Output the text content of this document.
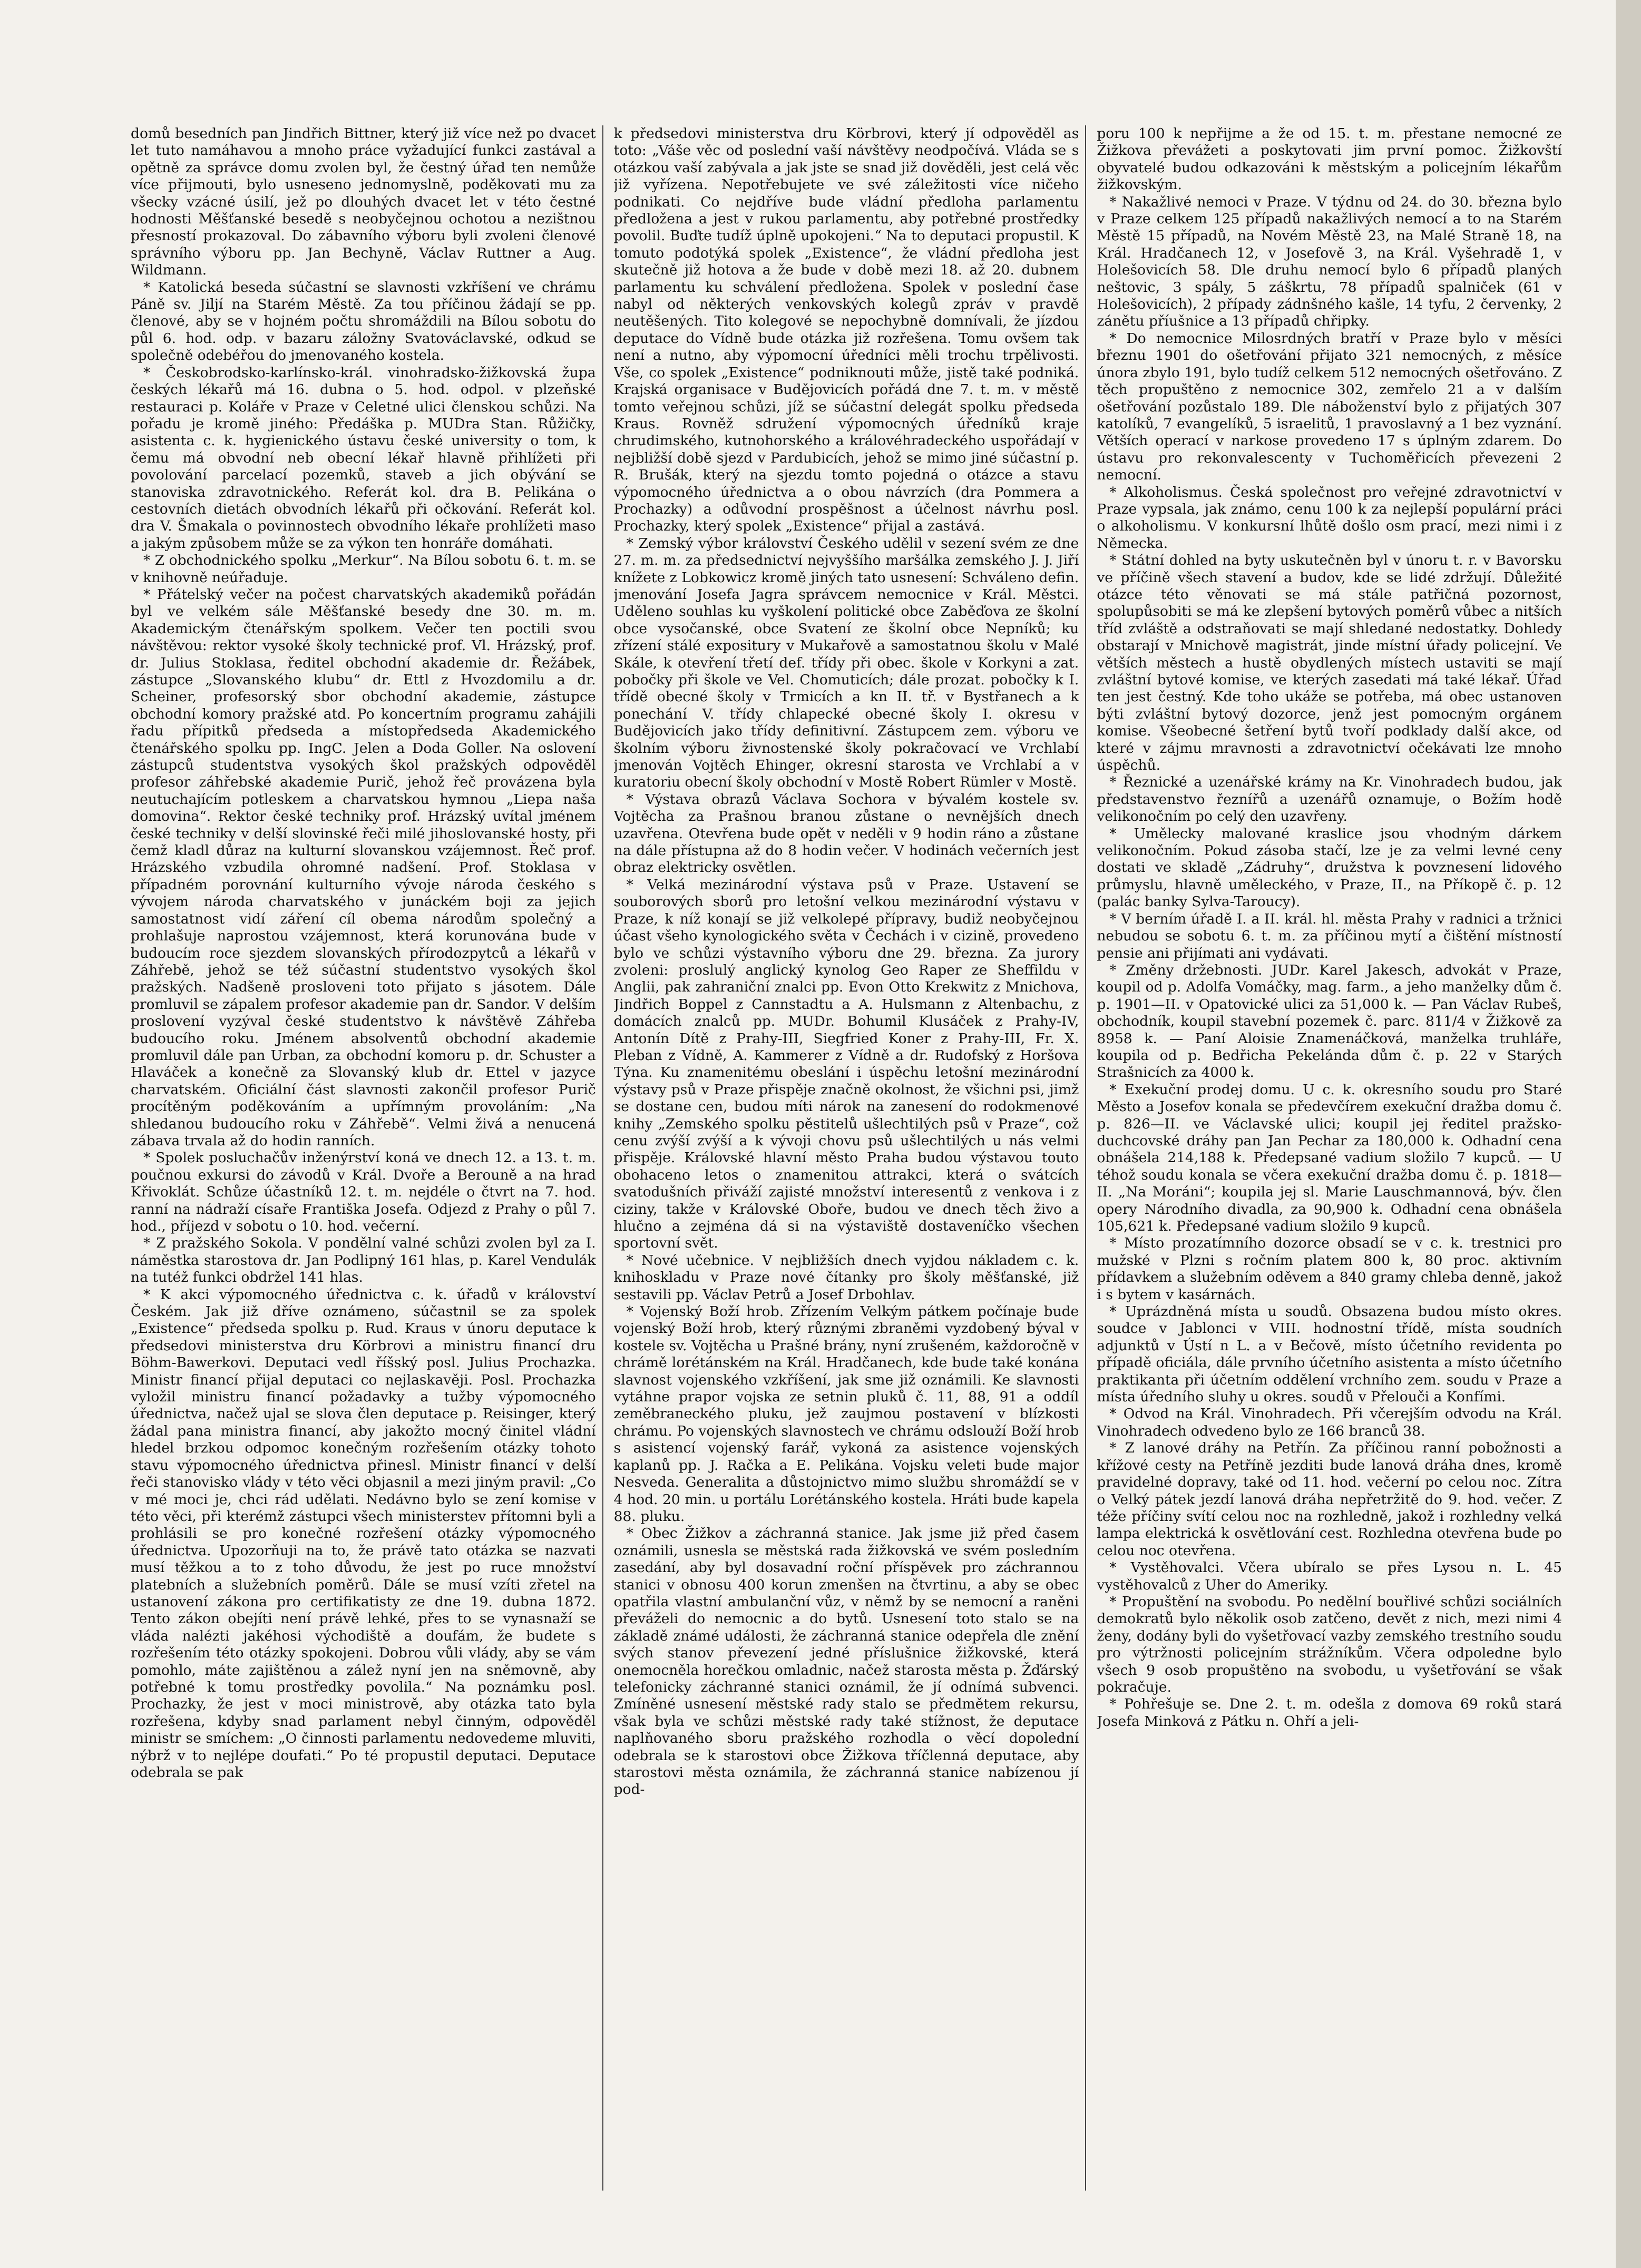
domů besedních pan Jindřich Bittner, který již více než po dvacet let tuto namáhavou a mnoho práce vyžadující funkci zastával a opětně za správce domu zvolen byl, že čestný úřad ten nemůže více přijmouti, bylo usneseno jednomyslně, poděkovati mu za všecky vzácné úsilí, jež po dlouhých dvacet let v této čestné hodnosti Měšťanské besedě s neobyčejnou ochotou a nezištnou přesností prokazoval. Do zábavního výboru byli zvoleni členové správního výboru pp. Jan Bechyně, Václav Ruttner a Aug. Wildmann.

* Katolická beseda súčastní se slavnosti vzkříšení ve chrámu Páně sv. Jiljí na Starém Městě. Za tou příčinou žádají se pp. členové, aby se v hojném počtu shromáždili na Bílou sobotu do půl 6. hod. odp. v bazaru záložny Svatováclavské, odkud se společně odebéřou do jmenovaného kostela.

* Českobrodsko-karlínsko-král. vinohradsko-žižkovská župa českých lékařů má 16. dubna o 5. hod. odpol. v plzeňské restauraci p. Koláře v Praze v Celetné ulici členskou schůzi. Na pořadu je kromě jiného: Předáška p. MUDra Stan. Růžičky, asistenta c. k. hygienického ústavu české university o tom, k čemu má obvodní neb obecní lékař hlavně přihlížeti při povolování parcelací pozemků, staveb a jich obývání se stanoviska zdravotnického. Referát kol. dra B. Pelikána o cestovních dietách obvodních lékařů při očkování. Referát kol. dra V. Šmakala o povinnostech obvodního lékaře prohlížeti maso a jakým způsobem může se za výkon ten honráře domáhati.

* Z obchodnického spolku „Merkur“. Na Bílou sobotu 6. t. m. se v knihovně neúřaduje.

* Přátelský večer na počest charvatských akademiků pořádán byl ve velkém sále Měšťanské besedy dne 30. m. m. Akademickým čtenářským spolkem. Večer ten poctili svou návštěvou: rektor vysoké školy technické prof. Vl. Hrázský, prof. dr. Julius Stoklasa, ředitel obchodní akademie dr. Řežábek, zástupce „Slovanského klubu“ dr. Ettl z Hvozdomilu a dr. Scheiner, profesorský sbor obchodní akademie, zástupce obchodní komory pražské atd. Po koncertním programu zahájili řadu přípitků předseda a místopředseda Akademického čtenářského spolku pp. IngC. Jelen a Doda Goller. Na oslovení zástupců studentstva vysokých škol pražských odpověděl profesor záhřebské akademie Purič, jehož řeč provázena byla neutuchajícím potleskem a charvatskou hymnou „Liepa naša domovina“. Rektor české techniky prof. Hrázský uvítal jménem české techniky v delší slovinské řeči milé jihoslovanské hosty, při čemž kladl důraz na kulturní slovanskou vzájemnost. Řeč prof. Hrázského vzbudila ohromné nadšení. Prof. Stoklasa v případném porovnání kulturního vývoje národa českého s vývojem národa charvatského v junáckém boji za jejich samostatnost vidí záření cíl obema národům společný a prohlašuje naprostou vzájemnost, která korunována bude v budoucím roce sjezdem slovanských přírodozpytců a lékařů v Záhřebě, jehož se též súčastní studentstvo vysokých škol pražských. Nadšeně prosloveni toto přijato s jásotem. Dále promluvil se zápalem profesor akademie pan dr. Sandor. V delším proslovení vyzýval české studentstvo k návštěvě Záhřeba budoucího roku. Jménem absolventů obchodní akademie promluvil dále pan Urban, za obchodní komoru p. dr. Schuster a Hlaváček a konečně za Slovanský klub dr. Ettel v jazyce charvatském. Oficiální část slavnosti zakončil profesor Purič procítěným poděkováním a upřímným provoláním: „Na shledanou budoucího roku v Záhřebě“. Velmi živá a nenucená zábava trvala až do hodin ranních.

* Spolek posluchačův inženýrství koná ve dnech 12. a 13. t. m. poučnou exkursi do závodů v Král. Dvoře a Berouně a na hrad Křivoklát. Schůze účastníků 12. t. m. nejdéle o čtvrt na 7. hod. ranní na nádraží císaře Františka Josefa. Odjezd z Prahy o půl 7. hod., příjezd v sobotu o 10. hod. večerní.

* Z pražského Sokola. V pondělní valné schůzi zvolen byl za I. náměstka starostova dr. Jan Podlipný 161 hlas, p. Karel Vendulák na tutéž funkci obdržel 141 hlas.

* K akci výpomocného úřednictva c. k. úřadů v království Českém. Jak již dříve oznámeno, súčastnil se za spolek „Existence“ předseda spolku p. Rud. Kraus v únoru deputace k předsedovi ministerstva dru Körbrovi a ministru financí dru Böhm-Bawerkovi. Deputaci vedl říšský posl. Julius Prochazka. Ministr financí přijal deputaci co nejlaskavěji. Posl. Prochazka vyložil ministru financí požadavky a tužby výpomocného úřednictva, načež ujal se slova člen deputace p. Reisinger, který žádal pana ministra financí, aby jakožto mocný činitel vládní hledel brzkou odpomoc konečným rozřešením otázky tohoto stavu výpomocného úřednictva přinesl. Ministr financí v delší řeči stanovisko vlády v této věci objasnil a mezi jiným pravil: „Co v mé moci je, chci rád udělati. Nedávno bylo se zení komise v této věci, při kterémž zástupci všech ministerstev přítomni byli a prohlásili se pro konečné rozřešení otázky výpomocného úřednictva. Upozorňuji na to, že právě tato otázka se nazvati musí těžkou a to z toho důvodu, že jest po ruce množství platebních a služebních poměrů. Dále se musí vzíti zřetel na ustanovení zákona pro certifikatisty ze dne 19. dubna 1872. Tento zákon obejíti není právě lehké, přes to se vynasnaží se vláda nalézti jakéhosi východiště a doufám, že budete s rozřešením této otázky spokojeni. Dobrou vůli vlády, aby se vám pomohlo, máte zajištěnou a zálež nyní jen na sněmovně, aby potřebné k tomu prostředky povolila.“ Na poznámku posl. Prochazky, že jest v moci ministrově, aby otázka tato byla rozřešena, kdyby snad parlament nebyl činným, odpověděl ministr se smíchem: „O činnosti parlamentu nedovedeme mluviti, nýbrž v to nejlépe doufati.“ Po té propustil deputaci. Deputace odebrala se pak

k předsedovi ministerstva dru Körbrovi, který jí odpověděl as toto: „Váše věc od poslední vaší návštěvy neodpočívá. Vláda se s otázkou vaší zabývala a jak jste se snad již dověděli, jest celá věc již vyřízena. Nepotřebujete ve své záležitosti více ničeho podnikati. Co nejdříve bude vládní předloha parlamentu předložena a jest v rukou parlamentu, aby potřebné prostředky povolil. Buďte tudíž úplně upokojeni.“ Na to deputaci propustil. K tomuto podotýká spolek „Existence“, že vládní předloha jest skutečně již hotova a že bude v době mezi 18. až 20. dubnem parlamentu ku schválení předložena. Spolek v poslední čase nabyl od některých venkovských kolegů zpráv v pravdě neutěšených. Tito kolegové se nepochybně domnívali, že jízdou deputace do Vídně bude otázka již rozřešena. Tomu ovšem tak není a nutno, aby výpomocní úředníci měli trochu trpělivosti. Vše, co spolek „Existence“ podniknouti může, jistě také podniká. Krajská organisace v Budějovicích pořádá dne 7. t. m. v městě tomto veřejnou schůzi, jíž se súčastní delegát spolku předseda Kraus. Rovněž sdružení výpomocných úředníků kraje chrudimského, kutnohorského a královéhradeckého uspořádají v nejbližší době sjezd v Pardubicích, jehož se mimo jiné súčastní p. R. Brušák, který na sjezdu tomto pojedná o otázce a stavu výpomocného úřednictva a o obou návrzích (dra Pommera a Prochazky) a odůvodní prospěšnost a účelnost návrhu posl. Prochazky, který spolek „Existence“ přijal a zastává.

* Zemský výbor království Českého udělil v sezení svém ze dne 27. m. m. za předsednictví nejvyššího maršálka zemského J. J. Jiří knížete z Lobkowicz kromě jiných tato usnesení: Schváleno defin. jmenování Josefa Jagra správcem nemocnice v Král. Městci. Uděleno souhlas ku vyškolení politické obce Zaběďova ze školní obce vysočanské, obce Svatení ze školní obce Nepníků; ku zřízení stálé expositury v Mukařově a samostatnou školu v Malé Skále, k otevření třetí def. třídy při obec. škole v Korkyni a zat. pobočky při škole ve Vel. Chomuticích; dále prozat. pobočky k I. třídě obecné školy v Trmicích a kn II. tř. v Bystřanech a k ponechání V. třídy chlapecké obecné školy I. okresu v Budějovicích jako třídy definitivní. Zástupcem zem. výboru ve školním výboru živnostenské školy pokračovací ve Vrchlabí jmenován Vojtěch Ehinger, okresní starosta ve Vrchlabí a v kuratoriu obecní školy obchodní v Mostě Robert Rümler v Mostě.

* Výstava obrazů Václava Sochora v bývalém kostele sv. Vojtěcha za Prašnou branou zůstane o nevnějších dnech uzavřena. Otevřena bude opět v neděli v 9 hodin ráno a zůstane na dále přístupna až do 8 hodin večer. V hodinách večerních jest obraz elektricky osvětlen.

* Velká mezinárodní výstava psů v Praze. Ustavení se souborových sborů pro letošní velkou mezinárodní výstavu v Praze, k níž konají se již velkolepé přípravy, budiž neobyčejnou účast všeho kynologického světa v Čechách i v cizině, provedeno bylo ve schůzi výstavního výboru dne 29. března. Za jurory zvoleni: proslulý anglický kynolog Geo Raper ze Sheffildu v Anglii, pak zahraniční znalci pp. Evon Otto Krekwitz z Mnichova, Jindřich Boppel z Cannstadtu a A. Hulsmann z Altenbachu, z domácích znalců pp. MUDr. Bohumil Klusáček z Prahy-IV, Antonín Dítě z Prahy-III, Siegfried Koner z Prahy-III, Fr. X. Pleban z Vídně, A. Kammerer z Vídně a dr. Rudofský z Horšova Týna. Ku znamenitému obeslání i úspěchu letošní mezinárodní výstavy psů v Praze přispěje značně okolnost, že všichni psi, jimž se dostane cen, budou míti nárok na zanesení do rodokmenové knihy „Zemského spolku pěstitelů ušlechtilých psů v Praze“, což cenu zvýší zvýší a k vývoji chovu psů ušlechtilých u nás velmi přispěje. Královské hlavní město Praha budou výstavou touto obohaceno letos o znamenitou attrakci, která o svátcích svatodušních přiváží zajisté množství interesentů z venkova i z ciziny, takže v Královské Oboře, budou ve dnech těch živo a hlučno a zejména dá si na výstaviště dostaveníčko všechen sportovní svět.

* Nové učebnice. V nejbližších dnech vyjdou nákladem c. k. knihoskladu v Praze nové čítanky pro školy měšťanské, již sestavili pp. Václav Petrů a Josef Drbohlav.

* Vojenský Boží hrob. Zřízením Velkým pátkem počínaje bude vojenský Boží hrob, který různými zbraněmi vyzdobený býval v kostele sv. Vojtěcha u Prašné brány, nyní zrušeném, každoročně v chrámě lorétánském na Král. Hradčanech, kde bude také konána slavnost vojenského vzkříšení, jak sme již oznámili. Ke slavnosti vytáhne prapor vojska ze setnin pluků č. 11, 88, 91 a oddíl zeměbraneckého pluku, jež zaujmou postavení v blízkosti chrámu. Po vojenských slavnostech ve chrámu odslouží Boží hrob s asistencí vojenský farář, vykoná za asistence vojenských kaplanů pp. J. Račka a E. Pelikána. Vojsku veleti bude major Nesveda. Generalita a důstojnictvo mimo službu shromáždí se v 4 hod. 20 min. u portálu Lorétánského kostela. Hráti bude kapela 88. pluku.

* Obec Žižkov a záchranná stanice. Jak jsme již před časem oznámili, usnesla se městská rada žižkovská ve svém posledním zasedání, aby byl dosavadní roční příspěvek pro záchrannou stanici v obnosu 400 korun zmenšen na čtvrtinu, a aby se obec opatřila vlastní ambulanční vůz, v němž by se nemocní a raněni převáželi do nemocnic a do bytů. Usnesení toto stalo se na základě známé události, že záchranná stanice odepřela dle znění svých stanov převezení jedné příslušnice žižkovské, která onemocněla horečkou omladnic, načež starosta města p. Žďárský telefonicky záchranné stanici oznámil, že jí odnímá subvenci. Zmíněné usnesení městské rady stalo se předmětem rekursu, však byla ve schůzi městské rady také stížnost, že deputace naplňovaného sboru pražského rozhodla o věcí dopolední odebrala se k starostovi obce Žižkova tříčlenná deputace, aby starostovi města oznámila, že záchranná stanice nabízenou jí pod-

poru 100 k nepřijme a že od 15. t. m. přestane nemocné ze Žižkova převážeti a poskytovati jim první pomoc. Žižkovští obyvatelé budou odkazováni k městským a policejním lékařům žižkovským.

* Nakažlivé nemoci v Praze. V týdnu od 24. do 30. března bylo v Praze celkem 125 případů nakažlivých nemocí a to na Starém Městě 15 případů, na Novém Městě 23, na Malé Straně 18, na Král. Hradčanech 12, v Josefově 3, na Král. Vyšehradě 1, v Holešovicích 58. Dle druhu nemocí bylo 6 případů planých neštovic, 3 spály, 5 záškrtu, 78 případů spalniček (61 v Holešovicích), 2 případy zádnšného kašle, 14 tyfu, 2 červenky, 2 zánětu příušnice a 13 případů chřipky.

* Do nemocnice Milosrdných bratří v Praze bylo v měsíci březnu 1901 do ošetřování přijato 321 nemocných, z měsíce února zbylo 191, bylo tudíž celkem 512 nemocných ošetřováno. Z těch propuštěno z nemocnice 302, zemřelo 21 a v dalším ošetřování pozůstalo 189. Dle náboženství bylo z přijatých 307 katolíků, 7 evangelíků, 5 israelitů, 1 pravoslavný a 1 bez vyznání. Větších operací v narkose provedeno 17 s úplným zdarem. Do ústavu pro rekonvalescenty v Tuchoměřicích převezeni 2 nemocní.

* Alkoholismus. Česká společnost pro veřejné zdravotnictví v Praze vypsala, jak známo, cenu 100 k za nejlepší populární práci o alkoholismu. V konkursní lhůtě došlo osm prací, mezi nimi i z Německa.

* Státní dohled na byty uskutečněn byl v únoru t. r. v Bavorsku ve příčině všech stavení a budov, kde se lidé zdržují. Důležité otázce této věnovati se má stále patřičná pozornost, spolupůsobiti se má ke zlepšení bytových poměrů vůbec a nitších tříd zvláště a odstraňovati se mají shledané nedostatky. Dohledy obstarají v Mnichově magistrát, jinde místní úřady policejní. Ve větších městech a hustě obydlených místech ustaviti se mají zvláštní bytové komise, ve kterých zasedati má také lékař. Úřad ten jest čestný. Kde toho ukáže se potřeba, má obec ustanoven býti zvláštní bytový dozorce, jenž jest pomocným orgánem komise. Všeobecné šetření bytů tvoří podklady další akce, od které v zájmu mravnosti a zdravotnictví očekávati lze mnoho úspěchů.

* Řeznické a uzenářské krámy na Kr. Vinohradech budou, jak představenstvo řeznířů a uzenářů oznamuje, o Božím hodě velikonočním po celý den uzavřeny.

* Umělecky malované kraslice jsou vhodným dárkem velikonočním. Pokud zásoba stačí, lze je za velmi levné ceny dostati ve skladě „Zádruhy“, družstva k povznesení lidového průmyslu, hlavně uměleckého, v Praze, II., na Příkopě č. p. 12 (palác banky Sylva-Taroucy).

* V berním úřadě I. a II. král. hl. města Prahy v radnici a tržnici nebudou se sobotu 6. t. m. za příčinou mytí a čištění místností pensie ani přijímati ani vydávati.

* Změny držebnosti. JUDr. Karel Jakesch, advokát v Praze, koupil od p. Adolfa Vomáčky, mag. farm., a jeho manželky dům č. p. 1901—II. v Opatovické ulici za 51,000 k. — Pan Václav Rubeš, obchodník, koupil stavební pozemek č. parc. 811/4 v Žižkově za 8958 k. — Paní Aloisie Znamenáčková, manželka truhláře, koupila od p. Bedřicha Pekelánda dům č. p. 22 v Starých Strašnicích za 4000 k.

* Exekuční prodej domu. U c. k. okresního soudu pro Staré Město a Josefov konala se předevčírem exekuční dražba domu č. p. 826—II. ve Václavské ulici; koupil jej ředitel pražsko-duchcovské dráhy pan Jan Pechar za 180,000 k. Odhadní cena obnášela 214,188 k. Předepsané vadium složilo 7 kupců. — U téhož soudu konala se včera exekuční dražba domu č. p. 1818—II. „Na Moráni“; koupila jej sl. Marie Lauschmannová, býv. člen opery Národního divadla, za 90,900 k. Odhadní cena obnášela 105,621 k. Předepsané vadium složilo 9 kupců.

* Místo prozatímního dozorce obsadí se v c. k. trestnici pro mužské v Plzni s ročním platem 800 k, 80 proc. aktivním přídavkem a služebním oděvem a 840 gramy chleba denně, jakož i s bytem v kasárnách.

* Uprázdněná místa u soudů. Obsazena budou místo okres. soudce v Jablonci v VIII. hodnostní třídě, místa soudních adjunktů v Ústí n L. a v Bečově, místo účetního revidenta po případě oficiála, dále prvního účetního asistenta a místo účetního praktikanta při účetním oddělení vrchního zem. soudu v Praze a místa úředního sluhy u okres. soudů v Přelouči a Konfími.

* Odvod na Král. Vinohradech. Při včerejším odvodu na Král. Vinohradech odvedeno bylo ze 166 branců 38.

* Z lanové dráhy na Petřín. Za příčinou ranní pobožnosti a křížové cesty na Petříně jezditi bude lanová dráha dnes, kromě pravidelné dopravy, také od 11. hod. večerní po celou noc. Zítra o Velký pátek jezdí lanová dráha nepřetržitě do 9. hod. večer. Z téže příčiny svítí celou noc na rozhledně, jakož i rozhledny velká lampa elektrická k osvětlování cest. Rozhledna otevřena bude po celou noc otevřena.

* Vystěhovalci. Včera ubíralo se přes Lysou n. L. 45 vystěhovalců z Uher do Ameriky.

* Propuštění na svobodu. Po nedělní bouřlivé schůzi sociálních demokratů bylo několik osob zatčeno, devět z nich, mezi nimi 4 ženy, dodány byli do vyšetřovací vazby zemského trestního soudu pro výtržnosti policejním strážníkům. Včera odpoledne bylo všech 9 osob propuštěno na svobodu, u vyšetřování se však pokračuje.

* Pohřešuje se. Dne 2. t. m. odešla z domova 69 roků stará Josefa Minková z Pátku n. Ohří a jeli-
